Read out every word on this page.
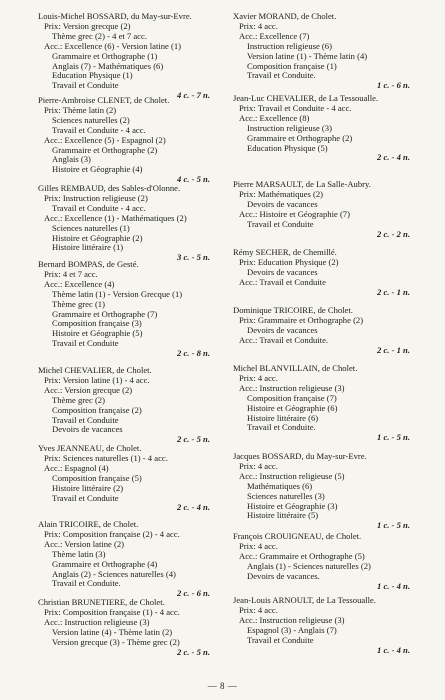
Louis-Michel BOSSARD, du May-sur-Evre.
Prix: Version grecque (2)
Thème grec (2) - 4 et 7 acc.
Acc.: Excellence (6) - Version latine (1)
Grammaire et Orthographe (1)
Anglais (7) - Mathématiques (6)
Education Physique (1)
Travail et Conduite
4 c. - 7 n.
Pierre-Ambroise CLENET, de Cholet.
Prix: Thème latin (2)
Sciences naturelles (2)
Travail et Conduite - 4 acc.
Acc.: Excellence (5) - Espagnol (2)
Grammaire et Orthographe (2)
Anglais (3)
Histoire et Géographie (4)
4 c. - 5 n.
Gilles REMBAUD, des Sables-d'Olonne.
Prix: Instruction religieuse (2)
Travail et Conduite - 4 acc.
Acc.: Excellence (1) - Mathématiques (2)
Sciences naturelles (1)
Histoire et Géographie (2)
Histoire littéraire (1)
3 c. - 5 n.
Bernard BOMPAS, de Gesté.
Prix: 4 et 7 acc.
Acc.: Excellence (4)
Thème latin (1) - Version Grecque (1)
Thème grec (1)
Grammaire et Orthographe (7)
Composition française (3)
Histoire et Géographie (5)
Travail et Conduite
2 c. - 8 n.
Michel CHEVALIER, de Cholet.
Prix: Version latine (1) - 4 acc.
Acc.: Version grecque (2)
Thème grec (2)
Composition française (2)
Travail et Conduite
Devoirs de vacances
2 c. - 5 n.
Yves JEANNEAU, de Cholet.
Prix: Sciences naturelles (1) - 4 acc.
Acc.: Espagnol (4)
Composition française (5)
Histoire littéraire (2)
Travail et Conduite
2 c. - 4 n.
Alain TRICOIRE, de Cholet.
Prix: Composition française (2) - 4 acc.
Acc.: Version latine (2)
Thème latin (3)
Grammaire et Orthographe (4)
Anglais (2) - Sciences naturelles (4)
Travail et Conduite.
2 c. - 6 n.
Christian BRUNETIERE, de Cholet.
Prix: Composition française (1) - 4 acc.
Acc.: Instruction religieuse (3)
Version latine (4) - Thème latin (2)
Version grecque (3) - Thème grec (2)
2 c. - 5 n.
Xavier MORAND, de Cholet.
Prix: 4 acc.
Acc.: Excellence (7)
Instruction religieuse (6)
Version latine (1) - Thème latin (4)
Composition française (1)
Travail et Conduite.
1 c. - 6 n.
Jean-Luc CHEVALIER, de La Tessoualle.
Prix: Travail et Conduite - 4 acc.
Acc.: Excellence (8)
Instruction religieuse (3)
Grammaire et Orthographe (2)
Education Physique (5)
2 c. - 4 n.
Pierre MARSAULT, de La Salle-Aubry.
Prix: Mathématiques (2)
Devoirs de vacances
Acc.: Histoire et Géographie (7)
Travail et Conduite
2 c. - 2 n.
Rémy SECHER, de Chemillé.
Prix: Education Physique (2)
Devoirs de vacances
Acc.: Travail et Conduite
2 c. - 1 n.
Dominique TRICOIRE, de Cholet.
Prix: Grammaire et Orthographe (2)
Devoirs de vacances
Acc.: Travail et Conduite.
2 c. - 1 n.
Michel BLANVILLAIN, de Cholet.
Prix: 4 acc.
Acc.: Instruction religieuse (3)
Composition française (7)
Histoire et Géographie (6)
Histoire littéraire (6)
Travail et Conduite.
1 c. - 5 n.
Jacques BOSSARD, du May-sur-Evre.
Prix: 4 acc.
Acc.: Instruction religieuse (5)
Mathématiques (6)
Sciences naturelles (3)
Histoire et Géographie (3)
Histoire littéraire (5)
1 c. - 5 n.
François CROUIGNEAU, de Cholet.
Prix: 4 acc.
Acc.: Grammaire et Orthographe (5)
Anglais (1) - Sciences naturelles (2)
Devoirs de vacances.
1 c. - 4 n.
Jean-Louis ARNOULT, de La Tessoualle.
Prix: 4 acc.
Acc.: Instruction religieuse (3)
Espagnol (3) - Anglais (7)
Travail et Conduite
1 c. - 4 n.
— 8 —
